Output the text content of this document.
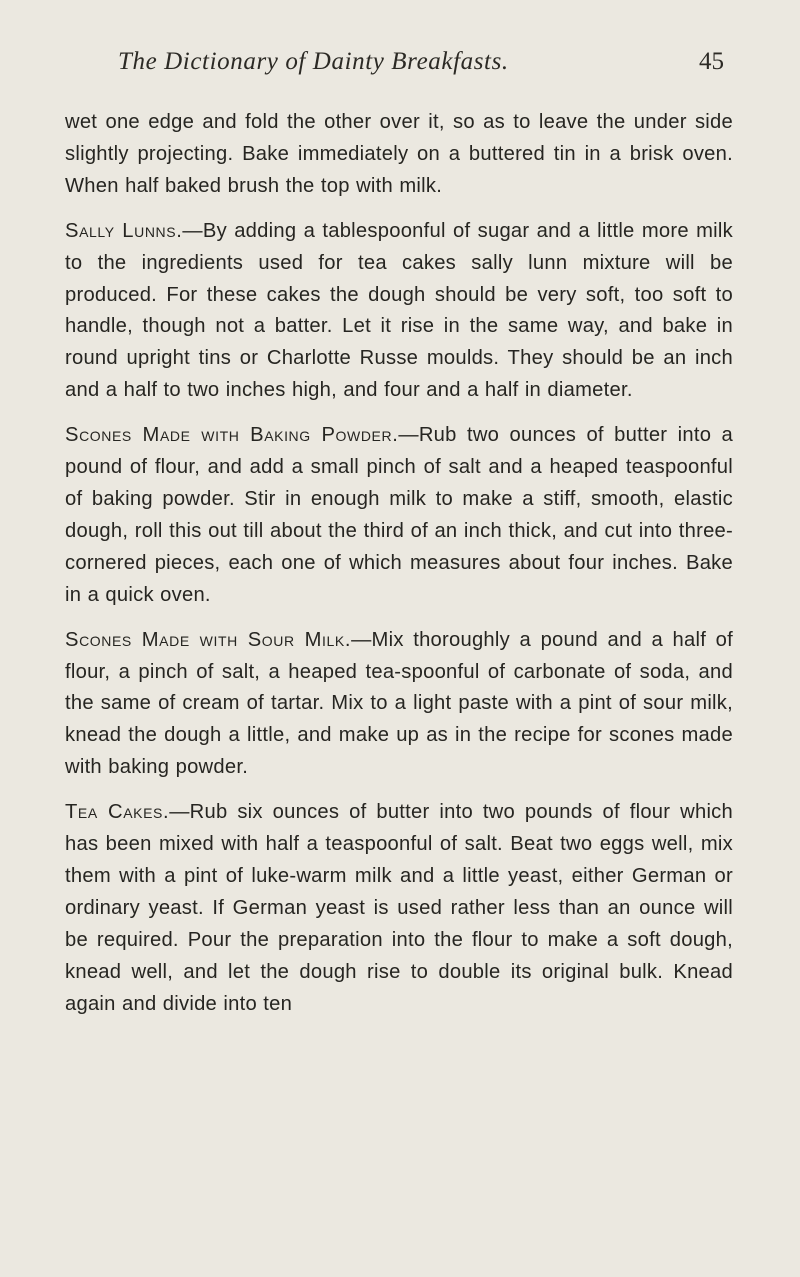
The Dictionary of Dainty Breakfasts.	45

wet one edge and fold the other over it, so as to leave the under side slightly projecting. Bake immediately on a buttered tin in a brisk oven. When half baked brush the top with milk.

Sally Lunns.—By adding a tablespoonful of sugar and a little more milk to the ingredients used for tea cakes sally lunn mixture will be produced. For these cakes the dough should be very soft, too soft to handle, though not a batter. Let it rise in the same way, and bake in round upright tins or Charlotte Russe moulds. They should be an inch and a half to two inches high, and four and a half in diameter.

Scones Made with Baking Powder.—Rub two ounces of butter into a pound of flour, and add a small pinch of salt and a heaped teaspoonful of baking powder. Stir in enough milk to make a stiff, smooth, elastic dough, roll this out till about the third of an inch thick, and cut into three-cornered pieces, each one of which measures about four inches. Bake in a quick oven.

Scones Made with Sour Milk.—Mix thoroughly a pound and a half of flour, a pinch of salt, a heaped tea-spoonful of carbonate of soda, and the same of cream of tartar. Mix to a light paste with a pint of sour milk, knead the dough a little, and make up as in the recipe for scones made with baking powder.

Tea Cakes.—Rub six ounces of butter into two pounds of flour which has been mixed with half a teaspoonful of salt. Beat two eggs well, mix them with a pint of luke-warm milk and a little yeast, either German or ordinary yeast. If German yeast is used rather less than an ounce will be required. Pour the preparation into the flour to make a soft dough, knead well, and let the dough rise to double its original bulk. Knead again and divide into ten
